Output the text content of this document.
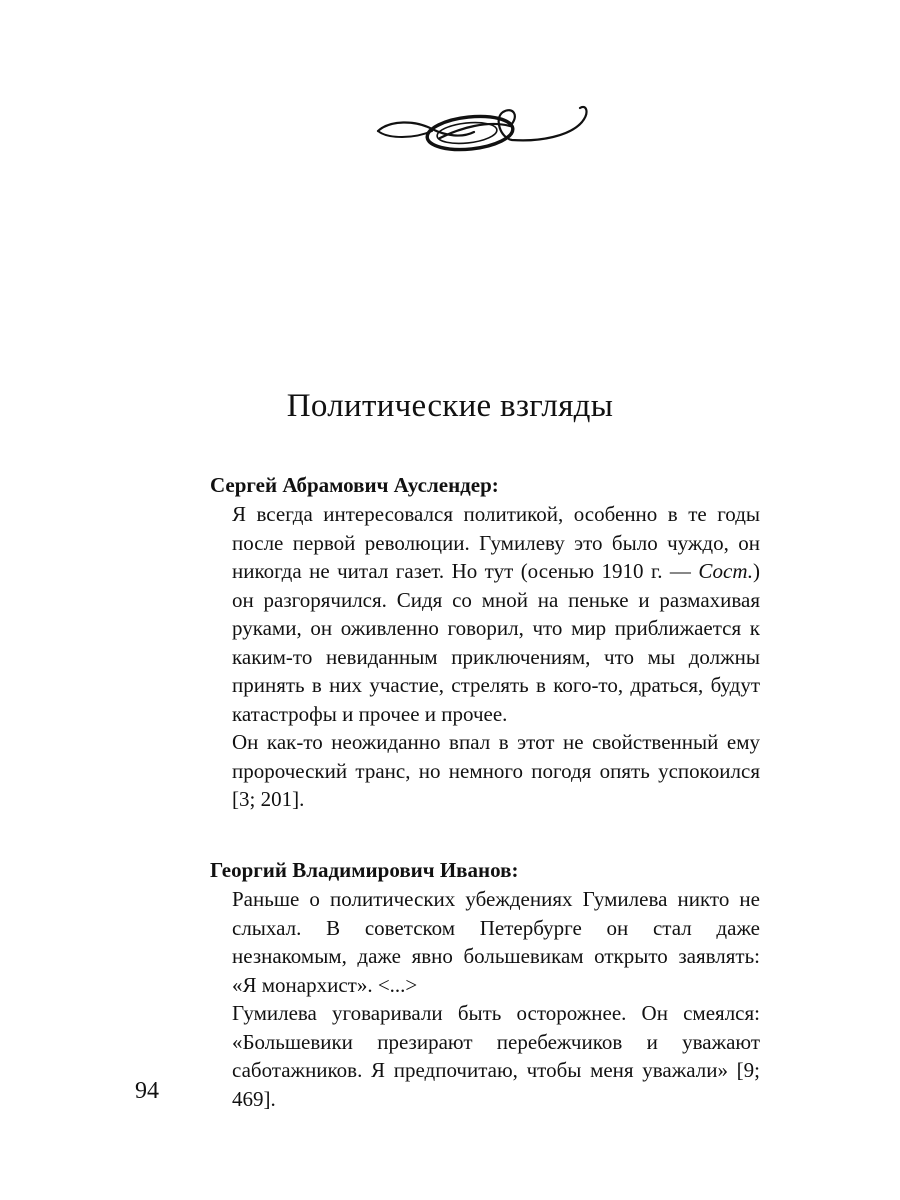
Политические взгляды

Сергей Абрамович Ауслендер:

Я всегда интересовался политикой, особенно в те годы после первой революции. Гумилеву это было чуждо, он никогда не читал газет. Но тут (осенью 1910 г. — Сост.) он разгорячился. Сидя со мной на пеньке и размахивая руками, он оживленно говорил, что мир приближается к каким-то невиданным приключениям, что мы должны принять в них участие, стрелять в кого-то, драться, будут катастрофы и прочее и прочее.

Он как-то неожиданно впал в этот не свойственный ему пророческий транс, но немного погодя опять успокоился [3; 201].

Георгий Владимирович Иванов:

Раньше о политических убеждениях Гумилева никто не слыхал. В советском Петербурге он стал даже незнакомым, даже явно большевикам открыто заявлять: «Я монархист». <...>

Гумилева уговаривали быть осторожнее. Он смеялся: «Большевики презирают перебежчиков и уважают саботажников. Я предпочитаю, чтобы меня уважали» [9; 469].

94
